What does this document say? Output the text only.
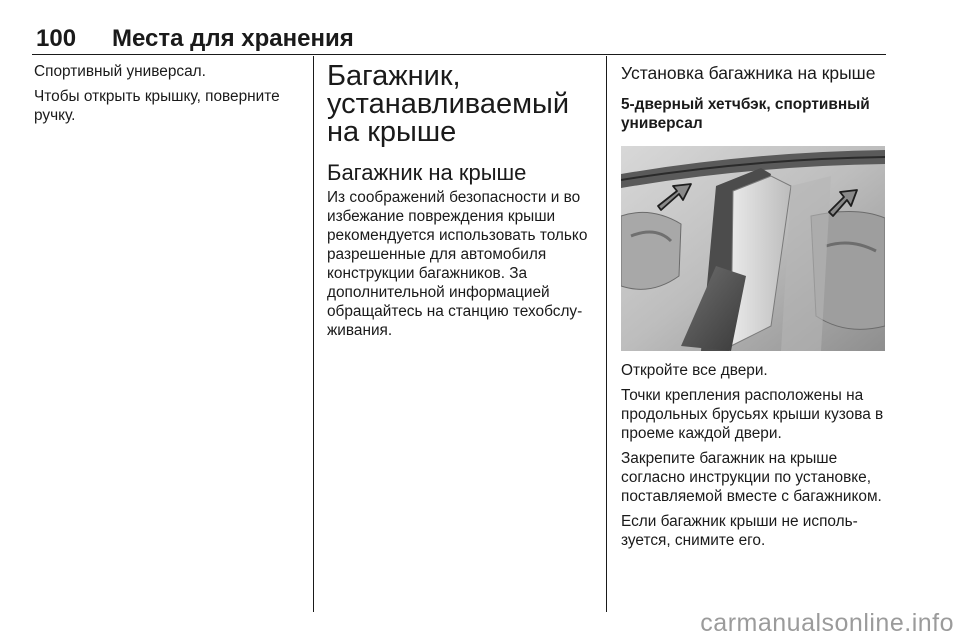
100 Места для хранения

Спортивный универсал.

Чтобы открыть крышку, поверните ручку.

Багажник, устанавливаемый на крыше
Багажник на крыше

Из соображений безопасности и во избежание повреждения крыши рекомендуется использовать только разрешенные для автомобиля конструкции багажников. За дополнительной информацией обращайтесь на станцию техобслуживания.

Установка багажника на крыше
5-дверный хетчбэк, спортивный универсал

Откройте все двери.

Точки крепления расположены на продольных брусьях крыши кузова в проеме каждой двери.

Закрепите багажник на крыше согласно инструкции по установке, поставляемой вместе с багажником.

Если багажник крыши не используется, снимите его.

carmanualsonline.info
